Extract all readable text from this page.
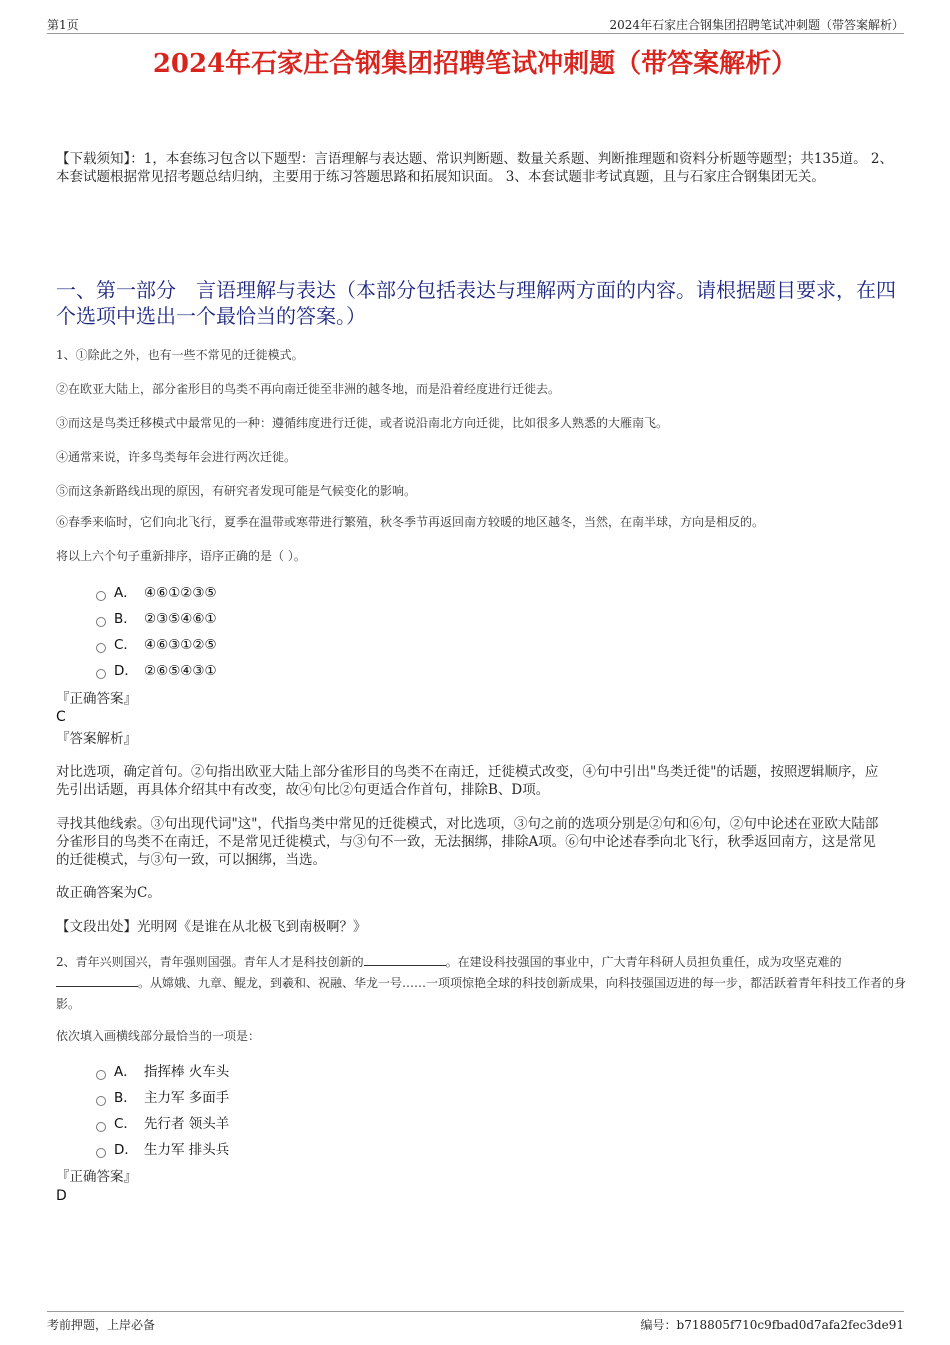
第1页	2024年石家庄合钢集团招聘笔试冲刺题（带答案解析）
2024年石家庄合钢集团招聘笔试冲刺题（带答案解析）
【下载须知】：1，本套练习包含以下题型：言语理解与表达题、常识判断题、数量关系题、判断推理题和资料分析题等题型；共135道。 2、本套试题根据常见招考题总结归纳，主要用于练习答题思路和拓展知识面。 3、本套试题非考试真题，且与石家庄合钢集团无关。
一、第一部分　言语理解与表达（本部分包括表达与理解两方面的内容。请根据题目要求，在四个选项中选出一个最恰当的答案。）
1、①除此之外，也有一些不常见的迁徙模式。
②在欧亚大陆上，部分雀形目的鸟类不再向南迁徙至非洲的越冬地，而是沿着经度进行迁徙去。
③而这是鸟类迁移模式中最常见的一种：遵循纬度进行迁徙，或者说沿南北方向迁徙，比如很多人熟悉的大雁南飞。
④通常来说，许多鸟类每年会进行两次迁徙。
⑤而这条新路线出现的原因，有研究者发现可能是气候变化的影响。
⑥春季来临时，它们向北飞行，夏季在温带或寒带进行繁殖，秋冬季节再返回南方较暖的地区越冬，当然，在南半球，方向是相反的。
将以上六个句子重新排序，语序正确的是（ ）。
A． ④⑥①②③⑤
B． ②③⑤④⑥①
C． ④⑥③①②⑤
D． ②⑥⑤④③①
『正确答案』
C
『答案解析』
对比选项，确定首句。②句指出欧亚大陆上部分雀形目的鸟类不在南迁，迁徙模式改变，④句中引出"鸟类迁徙"的话题，按照逻辑顺序，应先引出话题，再具体介绍其中有改变，故④句比②句更适合作首句，排除B、D项。
寻找其他线索。③句出现代词"这"，代指鸟类中常见的迁徙模式，对比选项，③句之前的选项分别是②句和⑥句，②句中论述在亚欧大陆部分雀形目的鸟类不在南迁，不是常见迁徙模式，与③句不一致，无法捆绑，排除A项。⑥句中论述春季向北飞行，秋季返回南方，这是常见的迁徙模式，与③句一致，可以捆绑，当选。
故正确答案为C。
【文段出处】光明网《是谁在从北极飞到南极啊？》
2、青年兴则国兴，青年强则国强。青年人才是科技创新的	。在建设科技强国的事业中，广大青年科研人员担负重任，成为攻坚克难的。从嫦娥、九章、鲲龙，到羲和、祝融、华龙一号……一项项惊艳全球的科技创新成果，向科技强国迈进的每一步，都活跃着青年科技工作者的身影。
依次填入画横线部分最恰当的一项是：
A． 指挥棒 火车头
B． 主力军 多面手
C． 先行者 领头羊
D． 生力军 排头兵
『正确答案』
D
考前押题，上岸必备	编号：b718805f710c9fbad0d7afa2fec3de91
